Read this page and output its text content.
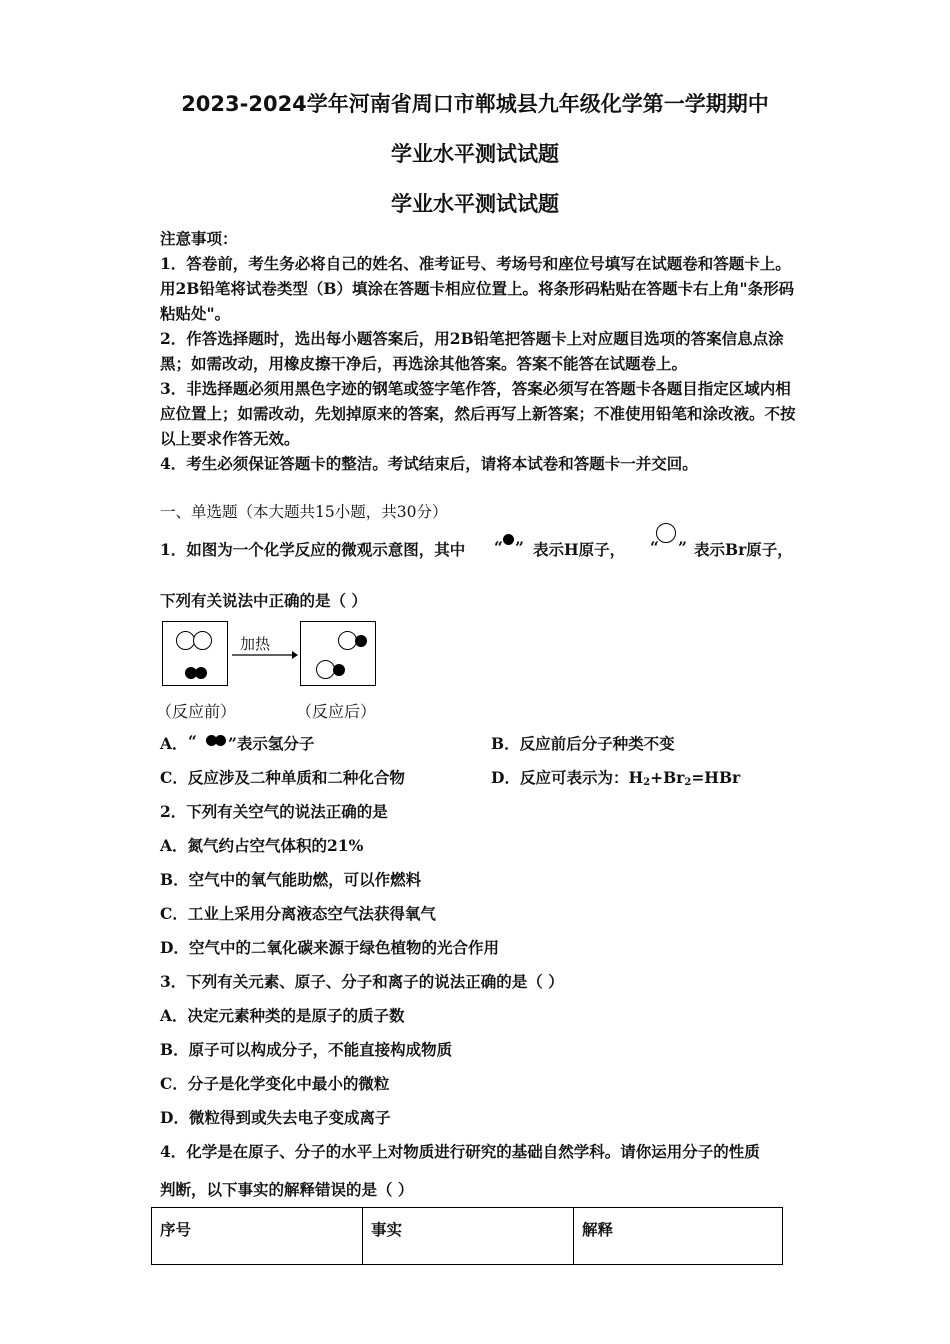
2023-2024学年河南省周口市郸城县九年级化学第一学期期中
学业水平测试试题
学业水平测试试题

注意事项：

1．答卷前，考生务必将自己的姓名、准考证号、考场号和座位号填写在试题卷和答题卡上。用2B铅笔将试卷类型（B）填涂在答题卡相应位置上。将条形码粘贴在答题卡右上角"条形码粘贴处"。

2．作答选择题时，选出每小题答案后，用2B铅笔把答题卡上对应题目选项的答案信息点涂黑；如需改动，用橡皮擦干净后，再选涂其他答案。答案不能答在试题卷上。

3．非选择题必须用黑色字迹的钢笔或签字笔作答，答案必须写在答题卡各题目指定区域内相应位置上；如需改动，先划掉原来的答案，然后再写上新答案；不准使用铅笔和涂改液。不按以上要求作答无效。

4．考生必须保证答题卡的整洁。考试结束后，请将本试卷和答题卡一并交回。

一、单选题（本大题共15小题，共30分）
1．如图为一个化学反应的微观示意图，其中 “ ” 表示H原子， “ ” 表示Br原子，
下列有关说法中正确的是（ ）
加热
（反应前）	（反应后）
A． “ ”表示氢分子	B．反应前后分子种类不变
C．反应涉及二种单质和二种化合物	D．反应可表示为：$H_2+Br_2=HBr$
2．下列有关空气的说法正确的是
A．氮气约占空气体积的21%
B．空气中的氧气能助燃，可以作燃料
C．工业上采用分离液态空气法获得氧气
D．空气中的二氧化碳来源于绿色植物的光合作用
3．下列有关元素、原子、分子和离子的说法正确的是（ ）
A．决定元素种类的是原子的质子数
B．原子可以构成分子，不能直接构成物质
C．分子是化学变化中最小的微粒
D．微粒得到或失去电子变成离子
4．化学是在原子、分子的水平上对物质进行研究的基础自然学科。请你运用分子的性质
判断，以下事实的解释错误的是（ ）
序号	事实	解释
